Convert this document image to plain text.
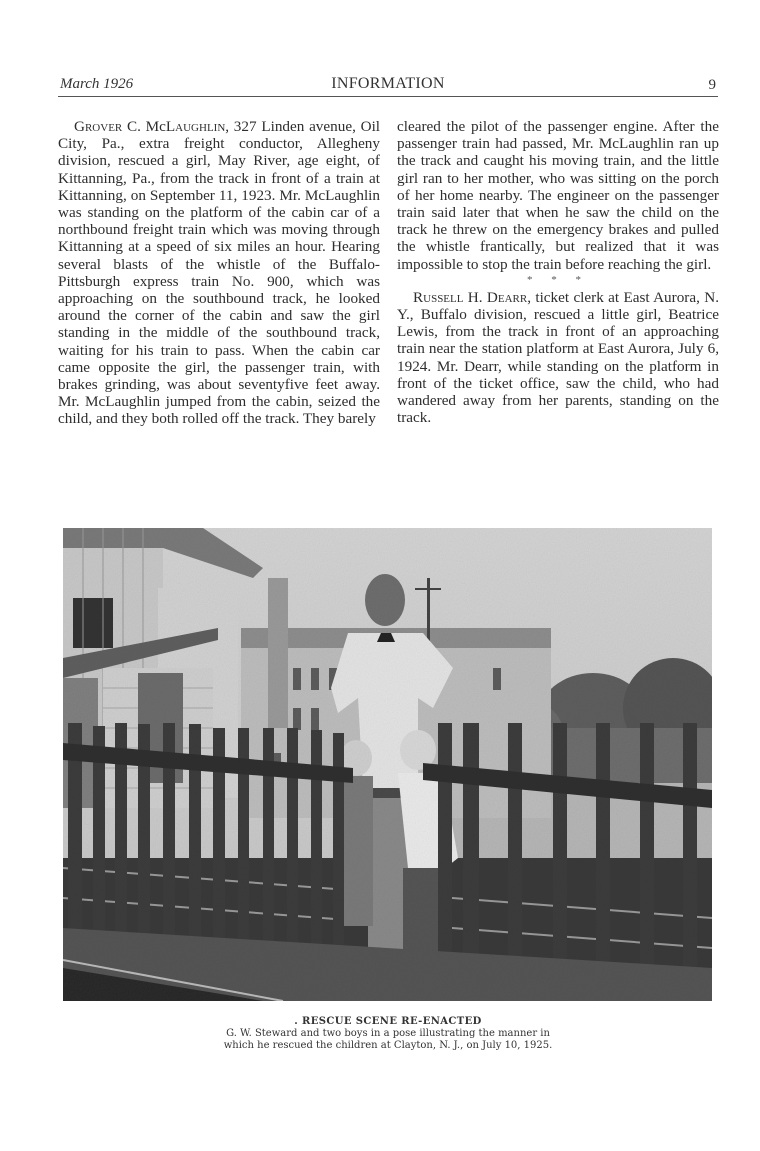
March 1926	INFORMATION	9

Grover C. McLaughlin, 327 Linden avenue, Oil City, Pa., extra freight conductor, Allegheny division, rescued a girl, May River, age eight, of Kittanning, Pa., from the track in front of a train at Kittanning, on September 11, 1923. Mr. McLaughlin was standing on the platform of the cabin car of a northbound freight train which was moving through Kittanning at a speed of six miles an hour. Hearing several blasts of the whistle of the Buffalo-Pittsburgh express train No. 900, which was approaching on the southbound track, he looked around the corner of the cabin and saw the girl standing in the middle of the southbound track, waiting for his train to pass. When the cabin car came opposite the girl, the passenger train, with brakes grinding, was about seventyfive feet away. Mr. McLaughlin jumped from the cabin, seized the child, and they both rolled off the track. They barely

cleared the pilot of the passenger engine. After the passenger train had passed, Mr. McLaughlin ran up the track and caught his moving train, and the little girl ran to her mother, who was sitting on the porch of her home nearby. The engineer on the passenger train said later that when he saw the child on the track he threw on the emergency brakes and pulled the whistle frantically, but realized that it was impossible to stop the train before reaching the girl.

* * *

Russell H. Dearr, ticket clerk at East Aurora, N. Y., Buffalo division, rescued a little girl, Beatrice Lewis, from the track in front of an approaching train near the station platform at East Aurora, July 6, 1924. Mr. Dearr, while standing on the platform in front of the ticket office, saw the child, who had wandered away from her parents, standing on the track.

. RESCUE SCENE RE-ENACTED
G. W. Steward and two boys in a pose illustrating the manner in
which he rescued the children at Clayton, N. J., on July 10, 1925.
